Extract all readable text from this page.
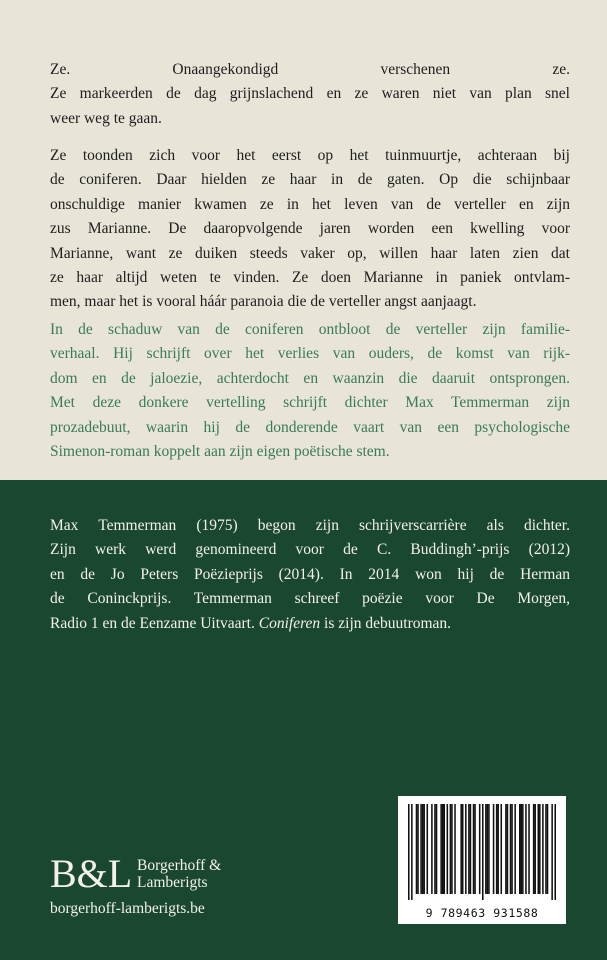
Ze. Onaangekondigd verschenen ze.
Ze markeerden de dag grijnslachend en ze waren niet van plan snel
weer weg te gaan.

Ze toonden zich voor het eerst op het tuinmuurtje, achteraan bij
de coniferen. Daar hielden ze haar in de gaten. Op die schijnbaar
onschuldige manier kwamen ze in het leven van de verteller en zijn
zus Marianne. De daaropvolgende jaren worden een kwelling voor
Marianne, want ze duiken steeds vaker op, willen haar laten zien dat
ze haar altijd weten te vinden. Ze doen Marianne in paniek ontvlam-
men, maar het is vooral háár paranoia die de verteller angst aanjaagt.

In de schaduw van de coniferen ontbloot de verteller zijn familie-
verhaal. Hij schrijft over het verlies van ouders, de komst van rijk-
dom en de jaloezie, achterdocht en waanzin die daaruit ontsprongen.
Met deze donkere vertelling schrijft dichter Max Temmerman zijn
prozadebuut, waarin hij de donderende vaart van een psychologische
Simenon-roman koppelt aan zijn eigen poëtische stem.

Max Temmerman (1975) begon zijn schrijverscarrière als dichter.
Zijn werk werd genomineerd voor de C. Buddingh’-prijs (2012)
en de Jo Peters Poëzieprijs (2014). In 2014 won hij de Herman
de Coninckprijs. Temmerman schreef poëzie voor De Morgen,
Radio 1 en de Eenzame Uitvaart. Coniferen is zijn debuutroman.

9 789463 931588
B&L Borgerhoff &
Lamberigts
borgerhoff-lamberigts.be
